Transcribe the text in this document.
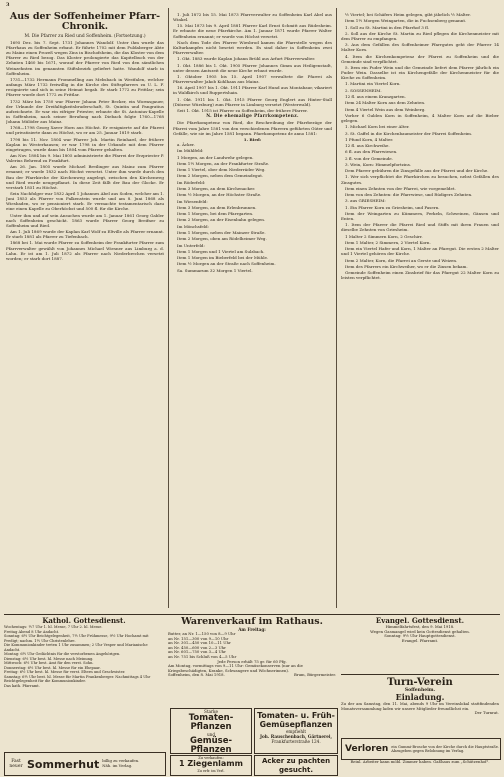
3
Aus der Soffenheimer Pfarr-Chronik.
M. Die Pfarrer zu Ried und Soffenheim. (Fortsetzung.)

1695 Dez. bis 7. Sept. 1731 Johannes Wandolf. Unter ihm wurde das Pfarrhaus zu Soffenheim erbaut. Er führte 1702 mit dem Fuldaberger Abte zu Mainz einen Prozeß wegen Zins in Bischofsheim, die das Kloster von dem Pfarrer zu Ried bezog. Das Kloster prolongierte das Kapitelbuch von der Zehnten 1460 bis 1671, worauf der Pfarrer von Ried von den sämtlichen Weinzehnten im genannten Stiftsbezirk geliefert hatte. Wandolf starb in Soffenheim.

1731—1732 Hermann Frommelling aus Mebsbach in Westfalen, welcher anfangs März 1732 freiwillig in die Kirche des Stiftspfarrers zu U. L. F. resignierte und sich in seine Heimat begab. Er starb 1772 zu Frittlar; sein Pfarrer wurde dort 1772 zu Frittlar.

1732 März bis 1750 war Pfarrer Johann Peter Becker, ein Wormsgauer, der Urkunde der Dreifaltigkeitsbruderschaft, St. Quintin und Pangratius aufzeichnete. Er war ein eifriger Priester, erbaute die St. Antonius-Kapelle in Soffenheim, nach seiner Berufung nach Diebach folgte 1760—1768 Johann Mülöder aus Mainz.

1768—1798 Georg Xaver Horn aus Höchst. Er resignierte auf die Pfarrei und privatisierte dann zu Höchst, wo er am 25. Januar 1819 starb.

1798 bis 11. Nov. 1804 war Pfarrer Joh. Martin Reinhard, der frühere Kaplan in Westerhausen; er war 1798 in der Urkunde mit dem Pfarrer eingetragen, wurde dann bis 1804 vom Pfarrer gehalten.

Am Nov. 1804 bis 9. Mai 1805 administrierte die Pfarrei der Erzpriester P. Valerius Behrend zu Frankfurt.

Am 26. Jan. 1805 wurde Michael Breilinger aus Mainz zum Pfarrer ernannt; er wurde 1832 nach Höchst versetzt. Unter ihm wurde durch den Bau der Pfarrkirche der Kirchenweg angelegt, zwischen den Kirchenweg und Ried wurde neugepflanzt. In diese Zeit fällt der Bau der Glocke. Er verstarb 1851 zu Höchst.

Sein Nachfolger war 1832 April 1 Johannes Abel aus Soden, welcher am 1. Juni 1853 als Pfarrer von Falkenstein wurde und am 8. Juni 1868 als Wiesbaden, wo er pensioniert starb. Er vermachte testamentarisch dazu eine einen Kapelle zu Oberhöchst und 500 fl. für die Kirche.

Unter ihm und auf sein Ansuchen wurde am 1. Januar 1861 Georg Gabler nach Soffenheim geschickt. 1863 wurde Pfarrer Georg Breifner zu Soffenheim und Ried.

Am 1. Juli 1869 wurde der Kaplan Karl Wolf zu Eltville als Pfarrer ernannt. Er starb 1881 als Pfarrer zu Tiefenbach.

1868 bei 1. Mai wurde Pfarrer zu Soffenheim der Frankfurter Pfarrer zum Pfarrverwalter gewählt von Johannes Michael Wiesner aus Limburg a. d. Lahn. Er ist am 1. Juli 1872 als Pfarrer nach Niederbrechen versetzt worden; er starb dort 1887.

1. Juli 1872 bis 15. Mai 1873 Pfarrverwalter zu Soffenheim Karl Abel aus Winkel.

15. Mai 1873 bis 9. April 1881 Pfarrer Karl Ernst Schmitt aus Rüdesheim. Er erbaute die neue Pfarrkirche. Am 1. Januar 1871 wurde Pfarrer Walter Soffenheim ernannt; er wurde von Höchst versetzt.

Nach dem Tode des Pfarrer Wiesbrod kamen die Pfarrstelle wegen des Kulturkampfes nicht besetzt werden. Es sind daher in Soffenheim zwei Pfarrverwalter.

1. Okt. 1883 wurde Kaplan Johann Brühl aus Arfurt Pfarrverwalter.

1. Okt. 1886 bis 1. Okt. 1905 Pfarrer Johannes Gimm aus Heiligenstadt, unter dessen Amtszeit die neue Kirche erbaut wurde.

1. Oktober 1905 bis 15. April 1907 verwaltete die Pfarrei als Pfarrverwalter Jakob Kohlhaas aus Mainz.

16. April 1907 bis 1. Okt. 1911 Pfarrer Karl Hund aus Montabaur, vikariert in Waldkirch und Ruppertshain.

1. Okt. 1911 bis 1. Okt. 1915 Pfarrer Georg Englert aus Hinter-Stall (Diözese Würzburg) zum Pfarrer in Limburg versetzt (Westerwald).

Seit 1. Okt. 1915 ist Pfarrer zu Soffenheim, der frühere Pfarrer.

N. Die ehemalige Pfarrkompetenz.

Die Pfarrkompetenz von Ried, die Beschreibung der Pfarrbezüge der Pfarrei vom Jahre 1581 von den verschiedenen Pfarrern geführten Güter und Gefälle, wie sie im Jahre 1581 begann. Pfarrkompetenz de anno 1581:

1. Ried:

a. Äcker.

Im Mühlfeld:

1 Morgen, an der Landwehr gelegen.

Item 1½ Morgen, an der Frankfurter Straße.

Item 1 Viertel, ober dem Niederräder Weg.

Item 2 Morgen, neben dem Gemeindegut.

Im Röderfeld:

Item 3 Morgen, an dem Kirchenacker.

Item ½ Morgen, an der Höchster Straße.

Im Wiesenfeld:

Item 3 Morgen, an dem Erlenbrunnen.

Item 1 Morgen, bei dem Pfarrgarten.

Item 2 Morgen, an der Eisenbahn gelegen.

Im Mönchsfeld:

Item 1 Morgen, neben der Mainzer Straße.

Item 2 Morgen, oben am Rödelheimer Weg.

Im Unterfeld:

Item 1 Morgen und 1 Viertel am Sulzbach.

Item 1 Morgen im Bieberfeld bei der Mühle.

Item ½ Morgen an der Straße nach Soffenheim.

Sa. Summarum 32 Morgen 1 Viertel.

½ Viertel; bei Schäfers Heim gelegen, gibt jährlich ½ Malter.

Item 1½ Morgen Weingarten, die in Fuchsenberg genannt.

1. Soll zu St. Martini in den Pfarrhof 3 fl.

2. Soll aus der Kirche St. Martin zu Ried pflegen die Kirchenmeister mit dem Pfarrer zu empfangen.

3. Aus dem Gefällen des Soffenheimer Pfarrgutes geht der Pfarrer 14 Malter Korn.

4. Item die Kirchenkompetenz der Pfarrei zu Soffenheim und die Gemeinde sind verpflichtet.

5. Item ein Fuder Wein und die Gemeinde liefert dem Pfarrer jährlich ein Fuder Wein. Dasselbe ist ein Kirchengefälle der Kirchenmeister für die Kirche zu Soffenheim.

1. Martini ein Viertel Korn.

2. SOSSENHEIM.

12 fl. aus einem Kranzgarten.

Item 24 Malter Korn aus dem Zehnten.

Item 4 Viertel Wein aus dem Weinberg.

Vorher 6 Gulden Korn in Soffenheim, 4 Malter Korn auf die Bieber gelegen.

1. Michael Korn bei einer Alter.

3. St. Gaffel in die Kirchenbaumeister der Pfarrei Soffenheim.

1 Pfund Korn, 4 Malter.

12 fl. aus Kirchweihe.

6 fl. aus den Pfarrwiesen.

2 fl. von der Gemeinde.

3. Wein, Korn: Himmelpfortzins.

Dem Pfarrer gebühren die Zinsgefälle aus der Pfarrei und der Kirche.

1. Wer sich verpflichtet die Pfarrkirchen zu besuchen, nebst Gefällen des Zinsgutes.

Item einen Zehnten von der Pfarrei, wie vorgemeldet.

Item von den Zehnten: die Pfarrwiese, und Rüdigers Zehnten.

3. aus GRIESHEIM:

1. Ein Pfarrer Korn zu Griesheim, und Fasern.

Item der Weingarten zu Kümmern, Ferkeln, Schweinen, Gänsen und Enten.

1. Item der Pfarrer die Pfarrei Ried und Stiffs mit ihren Frauen und dieselbe Zehnten von Griesheim.

1 Malter 2 Simmern Korn, 2 Geschirr.

Item 1 Malter, 2 Simmern, 2 Viertel Korn.

Item ein Viertel Hafer und Korn, 1 Malter an Pfarrgut. Die ersten 2 Malter und 1 Viertel gehören der Kirche.

Item 2 Malter, Korn, die Pfarrei an Gerste und Weizen.

Item des Pfarrers ein Kirchweiher, wo er die Zinsen bekam.

Gemeinde Soffenheim einen Zinsbrief für das Pfarrgut 22 Malter Korn zu leisten verpflichtet.

Kathol. Gottesdienst.
Wochentags: ½7 Uhr 1. hl. Messe, 7 Uhr 2. hl. Messe.
Freitag Abend 8 Uhr Andacht.
Sonntag: 6½ Uhr Beichtgelegenheit, 7½ Uhr Frühmesse, 9½ Uhr Hochamt mit Predigt; nachm. 1½ Uhr Christenlehre.
Die Kommunionkinder treten 1 Uhr zusammen; 2 Uhr Vesper und Marianische Andacht.
Montag: 6½ Uhr Gedächtnis für die verstorbenen Angehörigen.
Dienstag: 6½ Uhr best. hl. Messe nach Meinung.
Mittwoch: 6½ Uhr best. Amt für den verst. Sohn.
Donnerstag: 6½ Uhr best. hl. Messe für ein Ehepaar.
Freitag: 6½ Uhr best. hl. Messe für verst. Eltern und Geschwister.
Samstag: 6½ Uhr best. hl. Messe für Martin Frankenberger. Nachmittags 4 Uhr Beichtgelegenheit für die Kommunionkinder.
Das kath. Pfarramt.
Fast neuer Sommerhut billig zu verkaufen. Näh. im Verlag.
Warenverkauf im Rathaus.
Am Freitag:
Butter, an Nr. 1—150 von 8—9 Uhr
an Nr. 151—300 von 9—10 Uhr
an Nr. 301—450 von 10—11 Uhr
an Nr. 450—600 von 2—3 Uhr
an Nr. 601—750 von 3—4 Uhr
an Nr. 751 bis Schluß von 4—5 Uhr
Jede Person erhält 75 gr. für 60 Pfg.
Am Montag, vormittags von 9—11 Uhr: Gemüsekonserven (nur an die Kriegsbeschädigten, Kranke, Schwangere und Wöchnerinnen).
Soffenheim, den 8. Mai 1918.	Brum, Bürgermeister.
Starke
Tomaten-Pflanzen
und
Gemüse-Pflanzen
Tomaten- u. Früh-
Gemüsepflanzen
empfiehlt
Joh. Rauschenbach, Gärtnerei,
Frankfurterstraße 124.
Zu verkaufen:
1 Ziegenlamm
Zu erfr. im Verl.
Acker zu pachten gesucht.
Evangel. Gottesdienst.
Himmelfahrtsfest, den 9. Mai 1918.
Wegen Gasmangel wird kein Gottesdienst gehalten.
Sonntag: 9½ Uhr Hauptgottesdienst.
Evangel. Pfarramt.
Turn-Verein
Soffenheim.
Einladung.
Zu der am Samstag, den 11. Mai, abends 9 Uhr im Vereinslokal stattfindenden Monatsversammlung laden wir unsere Mitglieder freundlichst ein.
Der Turnrat.
Verloren ein Gummi-Brosche von der Kirche durch die Hauptstraße. Abzugeben gegen Belohnung im Verlag.
Reinl. Arbeiter kann möbl. Zimmer haben. Gaßhaus zum „Schützenhof".
